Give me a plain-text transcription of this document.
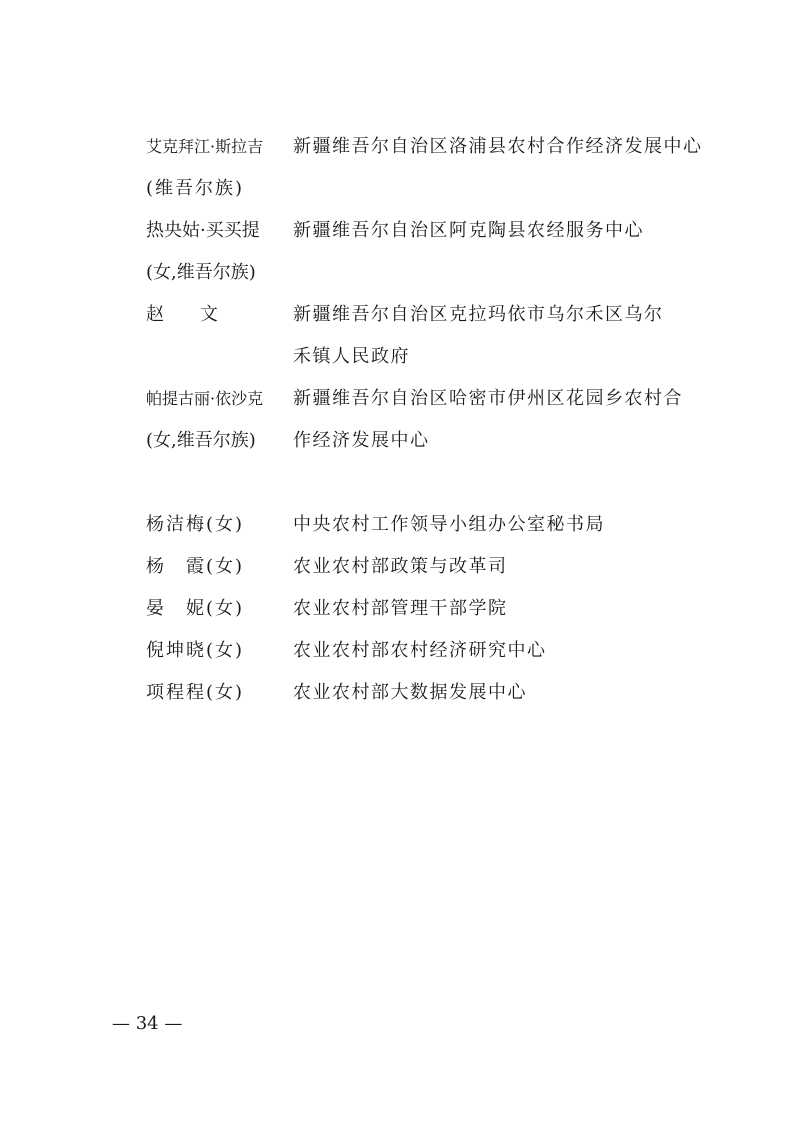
艾克拜江·斯拉吉 新疆维吾尔自治区洛浦县农村合作经济发展中心
(维吾尔族)
热央姑·买买提 新疆维吾尔自治区阿克陶县农经服务中心
(女,维吾尔族)
赵　　文	新疆维吾尔自治区克拉玛依市乌尔禾区乌尔
禾镇人民政府
帕提古丽·依沙克 新疆维吾尔自治区哈密市伊州区花园乡农村合
(女,维吾尔族) 作经济发展中心
杨洁梅(女)	中央农村工作领导小组办公室秘书局
杨　霞(女)	农业农村部政策与改革司
晏　妮(女)	农业农村部管理干部学院
倪坤晓(女)	农业农村部农村经济研究中心
项程程(女)	农业农村部大数据发展中心
— 34 —
